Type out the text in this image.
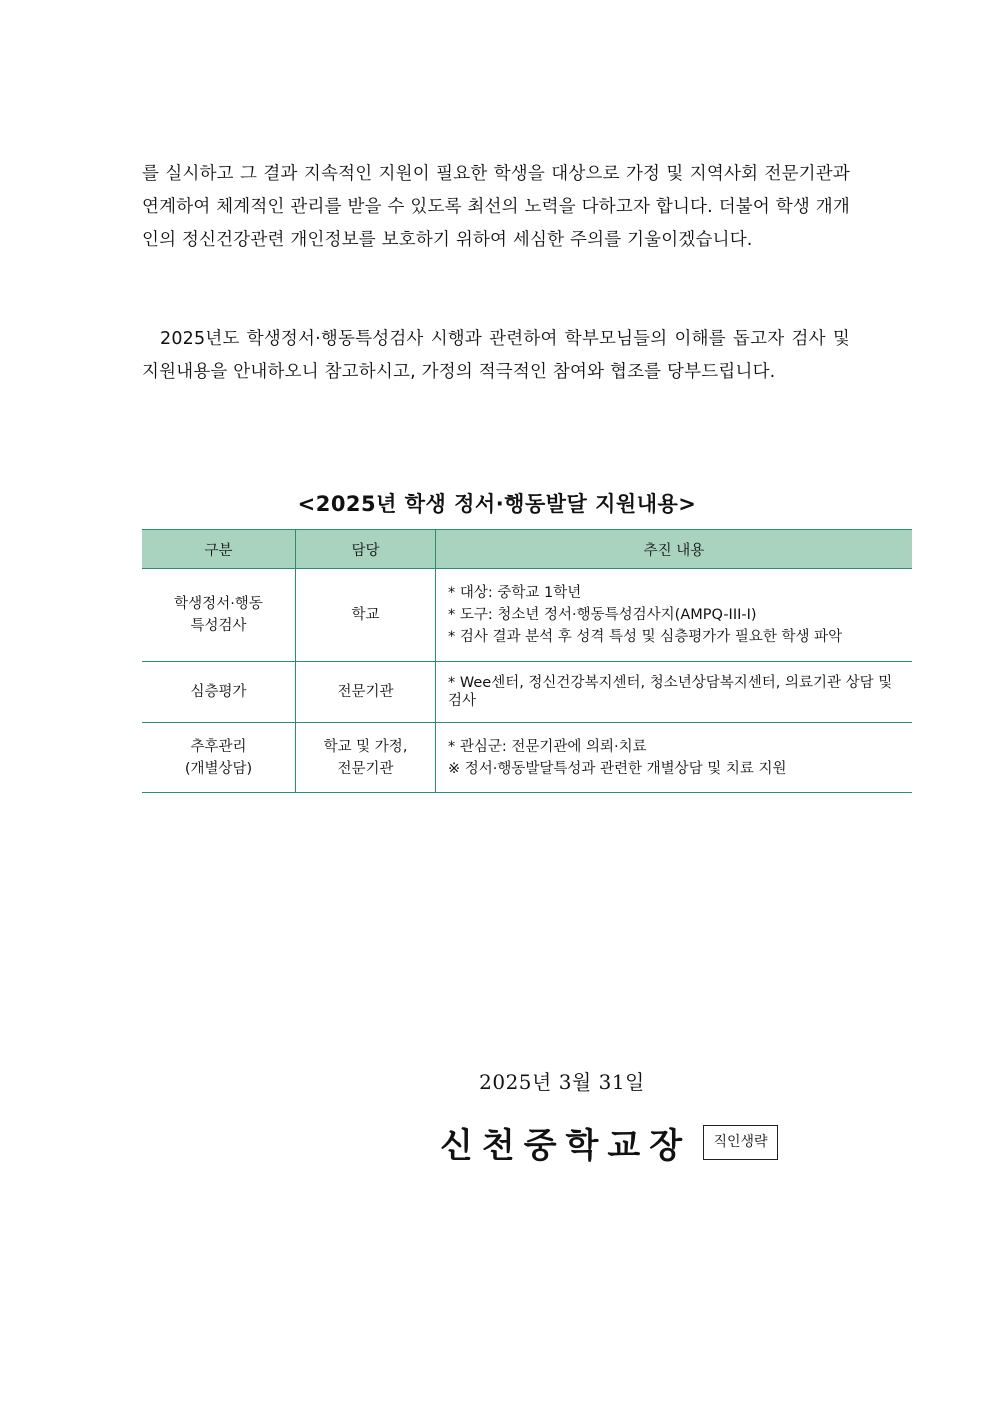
를 실시하고 그 결과 지속적인 지원이 필요한 학생을 대상으로 가정 및 지역사회 전문기관과 연계하여 체계적인 관리를 받을 수 있도록 최선의 노력을 다하고자 합니다. 더불어 학생 개개인의 정신건강관련 개인정보를 보호하기 위하여 세심한 주의를 기울이겠습니다.

2025년도 학생정서·행동특성검사 시행과 관련하여 학부모님들의 이해를 돕고자 검사 및 지원내용을 안내하오니 참고하시고, 가정의 적극적인 참여와 협조를 당부드립니다.

<2025년 학생 정서·행동발달 지원내용>
구분	담당	추진 내용

학생정서·행동
특성검사	학교	* 대상: 중학교 1학년
* 도구: 청소년 정서·행동특성검사지(AMPQ-III-I)
* 검사 결과 분석 후 성격 특성 및 심층평가가 필요한 학생 파악

심층평가	전문기관	* Wee센터, 정신건강복지센터, 청소년상담복지센터, 의료기관 상담 및 검사

추후관리
(개별상담)	학교 및 가정,
전문기관	* 관심군: 전문기관에 의뢰·치료
※ 정서·행동발달특성과 관련한 개별상담 및 치료 지원
2025년 3월 31일
신천중학교장	직인생략
